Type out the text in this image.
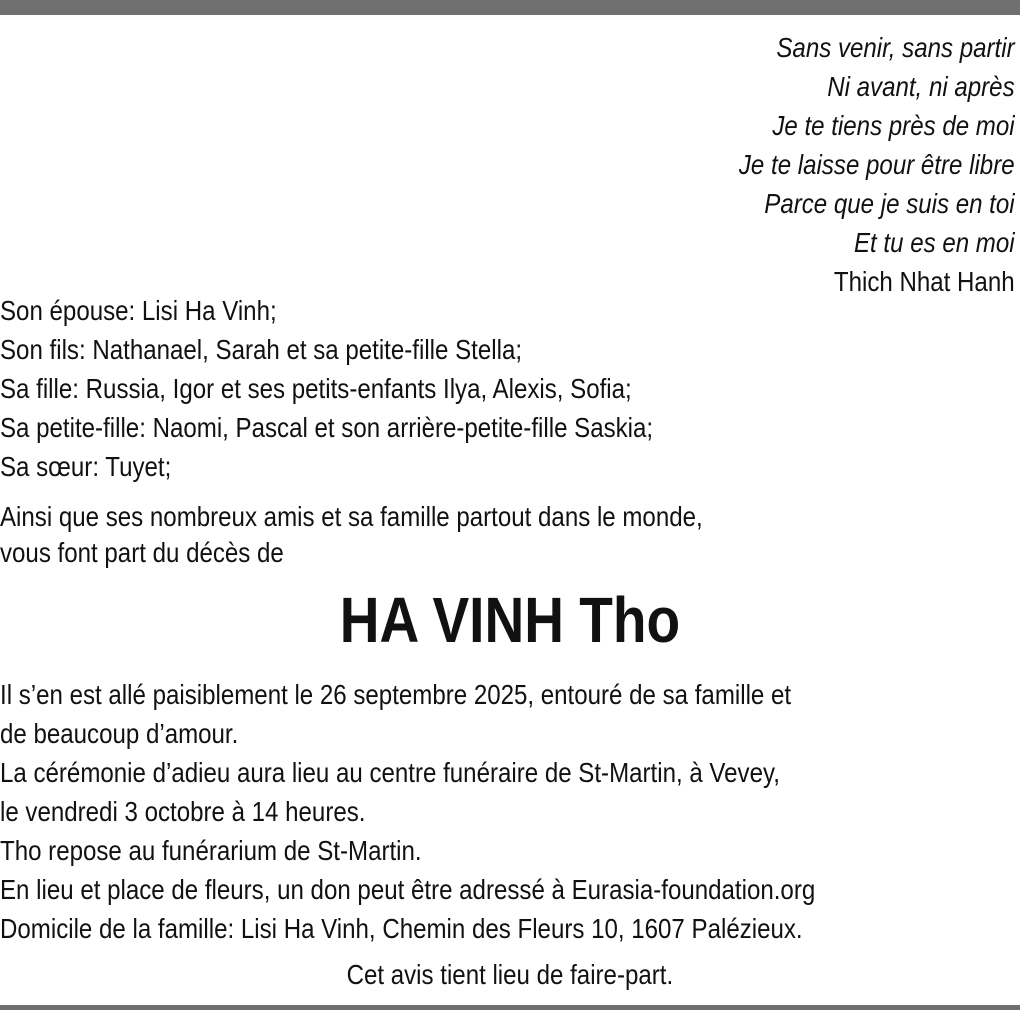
Sans venir, sans partir
Ni avant, ni après
Je te tiens près de moi
Je te laisse pour être libre
Parce que je suis en toi
Et tu es en moi
Thich Nhat Hanh
Son épouse: Lisi Ha Vinh;
Son fils: Nathanael, Sarah et sa petite-fille Stella;
Sa fille: Russia, Igor et ses petits-enfants Ilya, Alexis, Sofia;
Sa petite-fille: Naomi, Pascal et son arrière-petite-fille Saskia;
Sa sœur: Tuyet;
Ainsi que ses nombreux amis et sa famille partout dans le monde,
vous font part du décès de
HA VINH Tho
Il s’en est allé paisiblement le 26 septembre 2025, entouré de sa famille et
de beaucoup d’amour.
La cérémonie d’adieu aura lieu au centre funéraire de St-Martin, à Vevey,
le vendredi 3 octobre à 14 heures.
Tho repose au funérarium de St-Martin.
En lieu et place de fleurs, un don peut être adressé à Eurasia-foundation.org
Domicile de la famille: Lisi Ha Vinh, Chemin des Fleurs 10, 1607 Palézieux.
Cet avis tient lieu de faire-part.
